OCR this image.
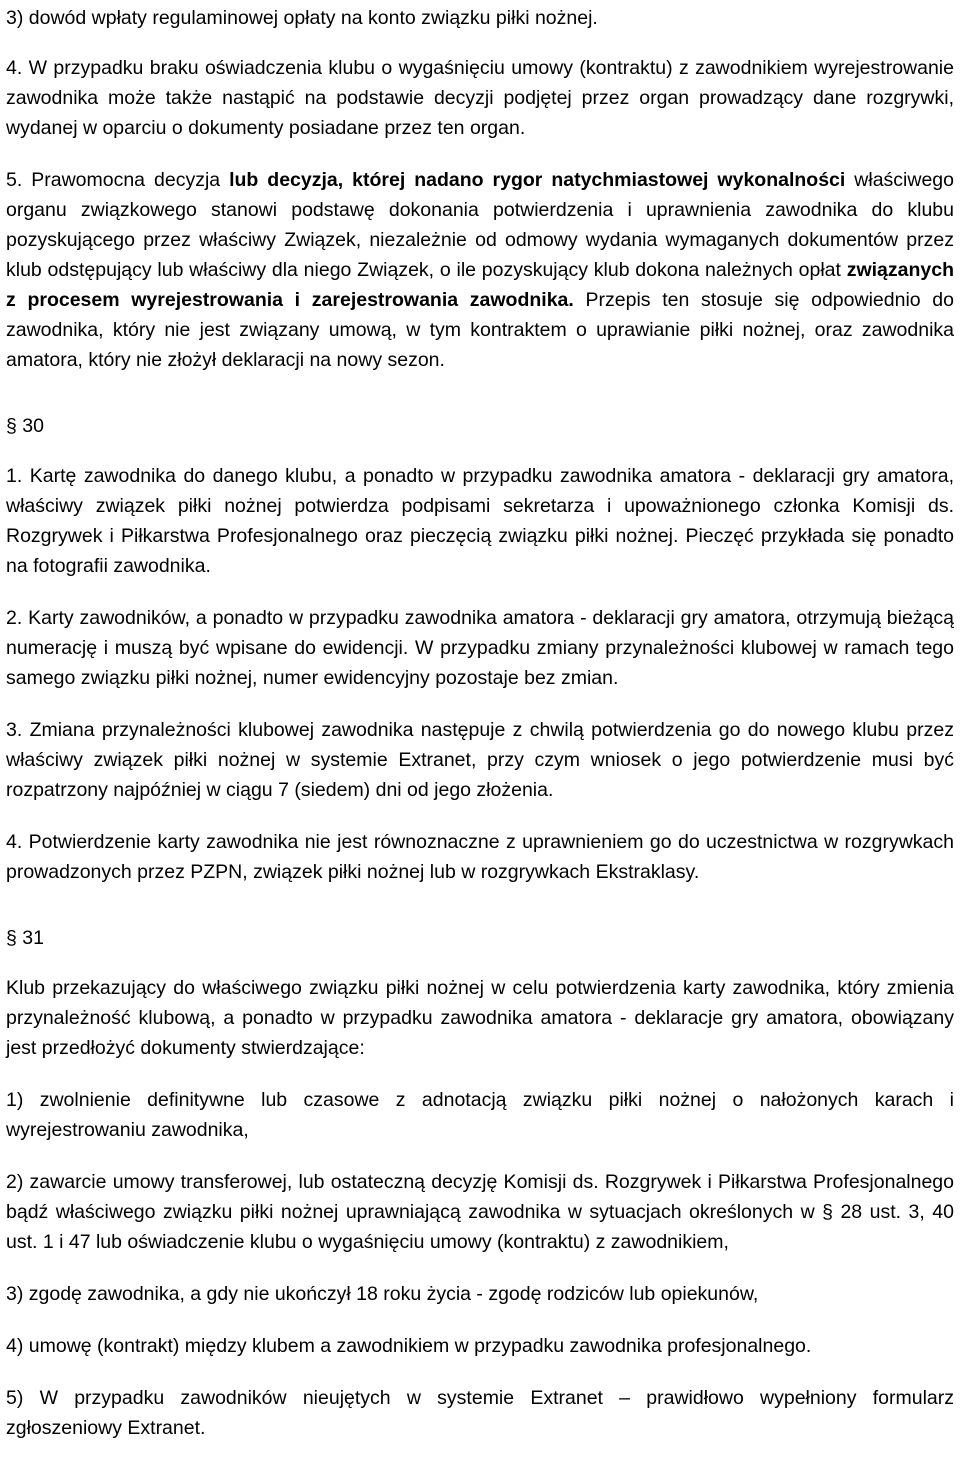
3) dowód wpłaty regulaminowej opłaty na konto związku piłki nożnej.

4. W przypadku braku oświadczenia klubu o wygaśnięciu umowy (kontraktu) z zawodnikiem wyrejestrowanie zawodnika może także nastąpić na podstawie decyzji podjętej przez organ prowadzący dane rozgrywki, wydanej w oparciu o dokumenty posiadane przez ten organ.

5. Prawomocna decyzja lub decyzja, której nadano rygor natychmiastowej wykonalności właściwego organu związkowego stanowi podstawę dokonania potwierdzenia i uprawnienia zawodnika do klubu pozyskującego przez właściwy Związek, niezależnie od odmowy wydania wymaganych dokumentów przez klub odstępujący lub właściwy dla niego Związek, o ile pozyskujący klub dokona należnych opłat związanych z procesem wyrejestrowania i zarejestrowania zawodnika. Przepis ten stosuje się odpowiednio do zawodnika, który nie jest związany umową, w tym kontraktem o uprawianie piłki nożnej, oraz zawodnika amatora, który nie złożył deklaracji na nowy sezon.

§ 30

1. Kartę zawodnika do danego klubu, a ponadto w przypadku zawodnika amatora - deklaracji gry amatora, właściwy związek piłki nożnej potwierdza podpisami sekretarza i upoważnionego członka Komisji ds. Rozgrywek i Piłkarstwa Profesjonalnego oraz pieczęcią związku piłki nożnej. Pieczęć przykłada się ponadto na fotografii zawodnika.

2. Karty zawodników, a ponadto w przypadku zawodnika amatora - deklaracji gry amatora, otrzymują bieżącą numerację i muszą być wpisane do ewidencji. W przypadku zmiany przynależności klubowej w ramach tego samego związku piłki nożnej, numer ewidencyjny pozostaje bez zmian.

3. Zmiana przynależności klubowej zawodnika następuje z chwilą potwierdzenia go do nowego klubu przez właściwy związek piłki nożnej w systemie Extranet, przy czym wniosek o jego potwierdzenie musi być rozpatrzony najpóźniej w ciągu 7 (siedem) dni od jego złożenia.

4. Potwierdzenie karty zawodnika nie jest równoznaczne z uprawnieniem go do uczestnictwa w rozgrywkach prowadzonych przez PZPN, związek piłki nożnej lub w rozgrywkach Ekstraklasy.

§ 31

Klub przekazujący do właściwego związku piłki nożnej w celu potwierdzenia karty zawodnika, który zmienia przynależność klubową, a ponadto w przypadku zawodnika amatora - deklaracje gry amatora, obowiązany jest przedłożyć dokumenty stwierdzające:

1) zwolnienie definitywne lub czasowe z adnotacją związku piłki nożnej o nałożonych karach i wyrejestrowaniu zawodnika,

2) zawarcie umowy transferowej, lub ostateczną decyzję Komisji ds. Rozgrywek i Piłkarstwa Profesjonalnego bądź właściwego związku piłki nożnej uprawniającą zawodnika w sytuacjach określonych w § 28 ust. 3, 40 ust. 1 i 47 lub oświadczenie klubu o wygaśnięciu umowy (kontraktu) z zawodnikiem,

3) zgodę zawodnika, a gdy nie ukończył 18 roku życia - zgodę rodziców lub opiekunów,

4) umowę (kontrakt) między klubem a zawodnikiem w przypadku zawodnika profesjonalnego.

5) W przypadku zawodników nieujętych w systemie Extranet – prawidłowo wypełniony formularz zgłoszeniowy Extranet.
